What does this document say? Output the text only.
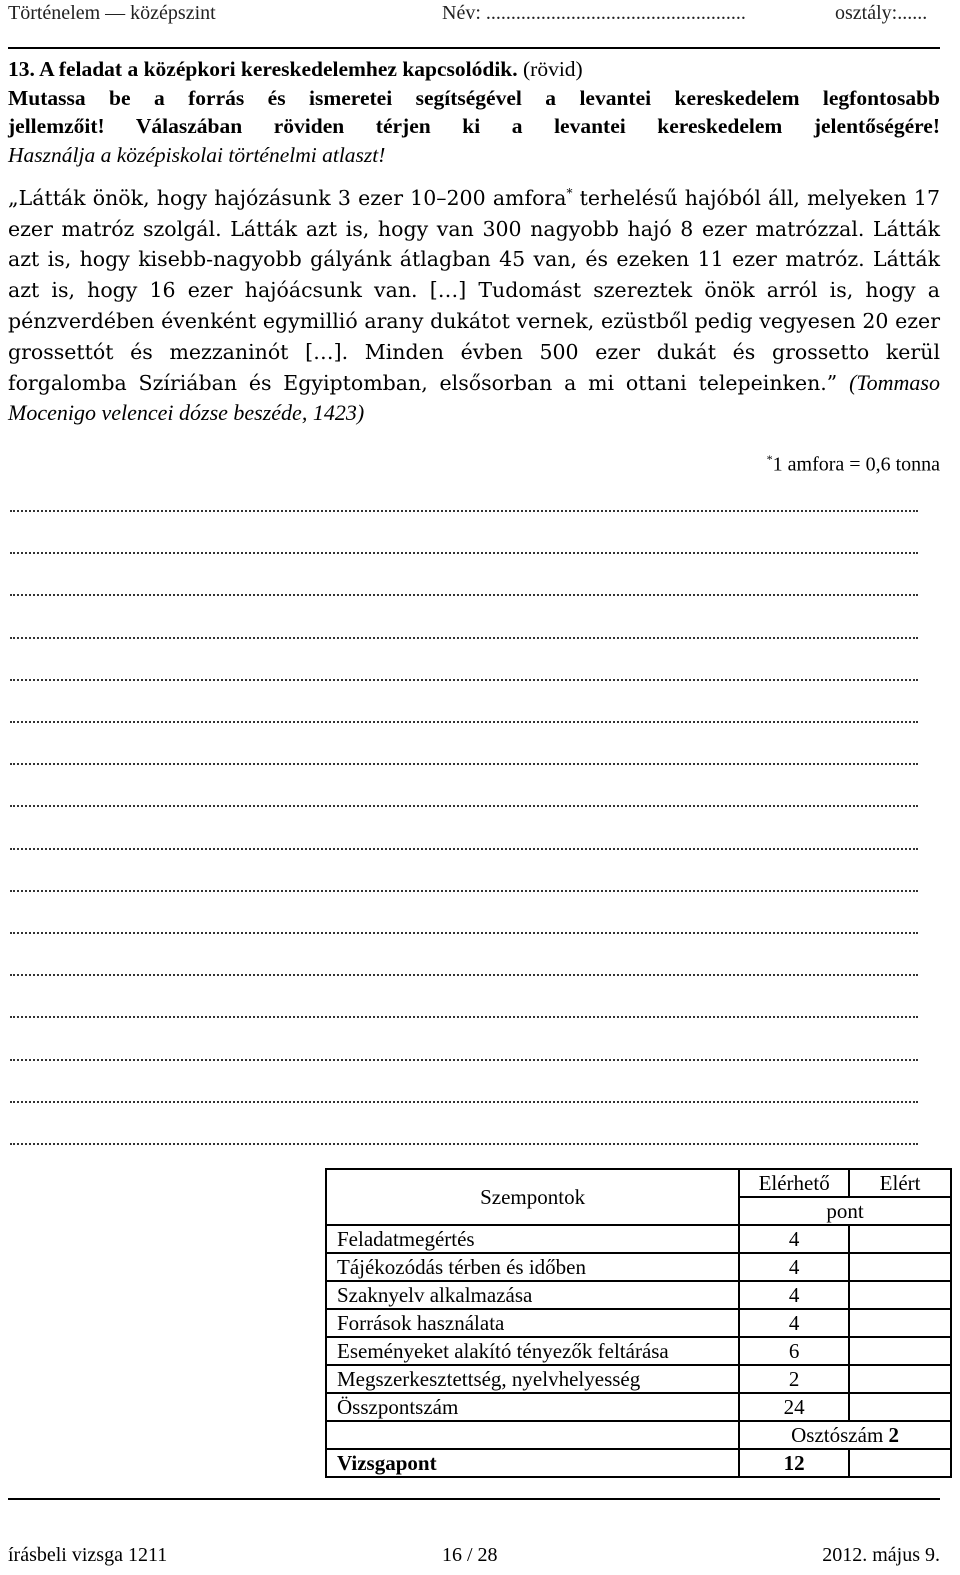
Történelem — középszint	Név: ....................................................	osztály:......
13. A feladat a középkori kereskedelemhez kapcsolódik. (rövid)
Mutassa be a forrás és ismeretei segítségével a levantei kereskedelem legfontosabb
jellemzőit! Válaszában röviden térjen ki a levantei kereskedelem jelentőségére!
Használja a középiskolai történelmi atlaszt!
„Látták önök, hogy hajózásunk 3 ezer 10–200 amfora* terhelésű hajóból áll, melyeken 17 ezer matróz szolgál. Látták azt is, hogy van 300 nagyobb hajó 8 ezer matrózzal. Látták azt is, hogy kisebb-nagyobb gályánk átlagban 45 van, és ezeken 11 ezer matróz. Látták azt is, hogy 16 ezer hajóácsunk van. […] Tudomást szereztek önök arról is, hogy a pénzverdében évenként egymillió arany dukátot vernek, ezüstből pedig vegyesen 20 ezer grossettót és mezzaninót […]. Minden évben 500 ezer dukát és grossetto kerül forgalomba Szíriában és Egyiptomban, elsősorban a mi ottani telepeinken.” (Tommaso Mocenigo velencei dózse beszéde, 1423)
*1 amfora = 0,6 tonna
Szempontok	Elérhető	Elért
	pont	
Feladatmegértés	4	
Tájékozódás térben és időben	4	
Szaknyelv alkalmazása	4	
Források használata	4	
Eseményeket alakító tényezők feltárása	6	
Megszerkesztettség, nyelvhelyesség	2	
Összpontszám	24	
	Osztószám 2	
Vizsgapont	12	
írásbeli vizsga 1211	16 / 28	2012. május 9.
